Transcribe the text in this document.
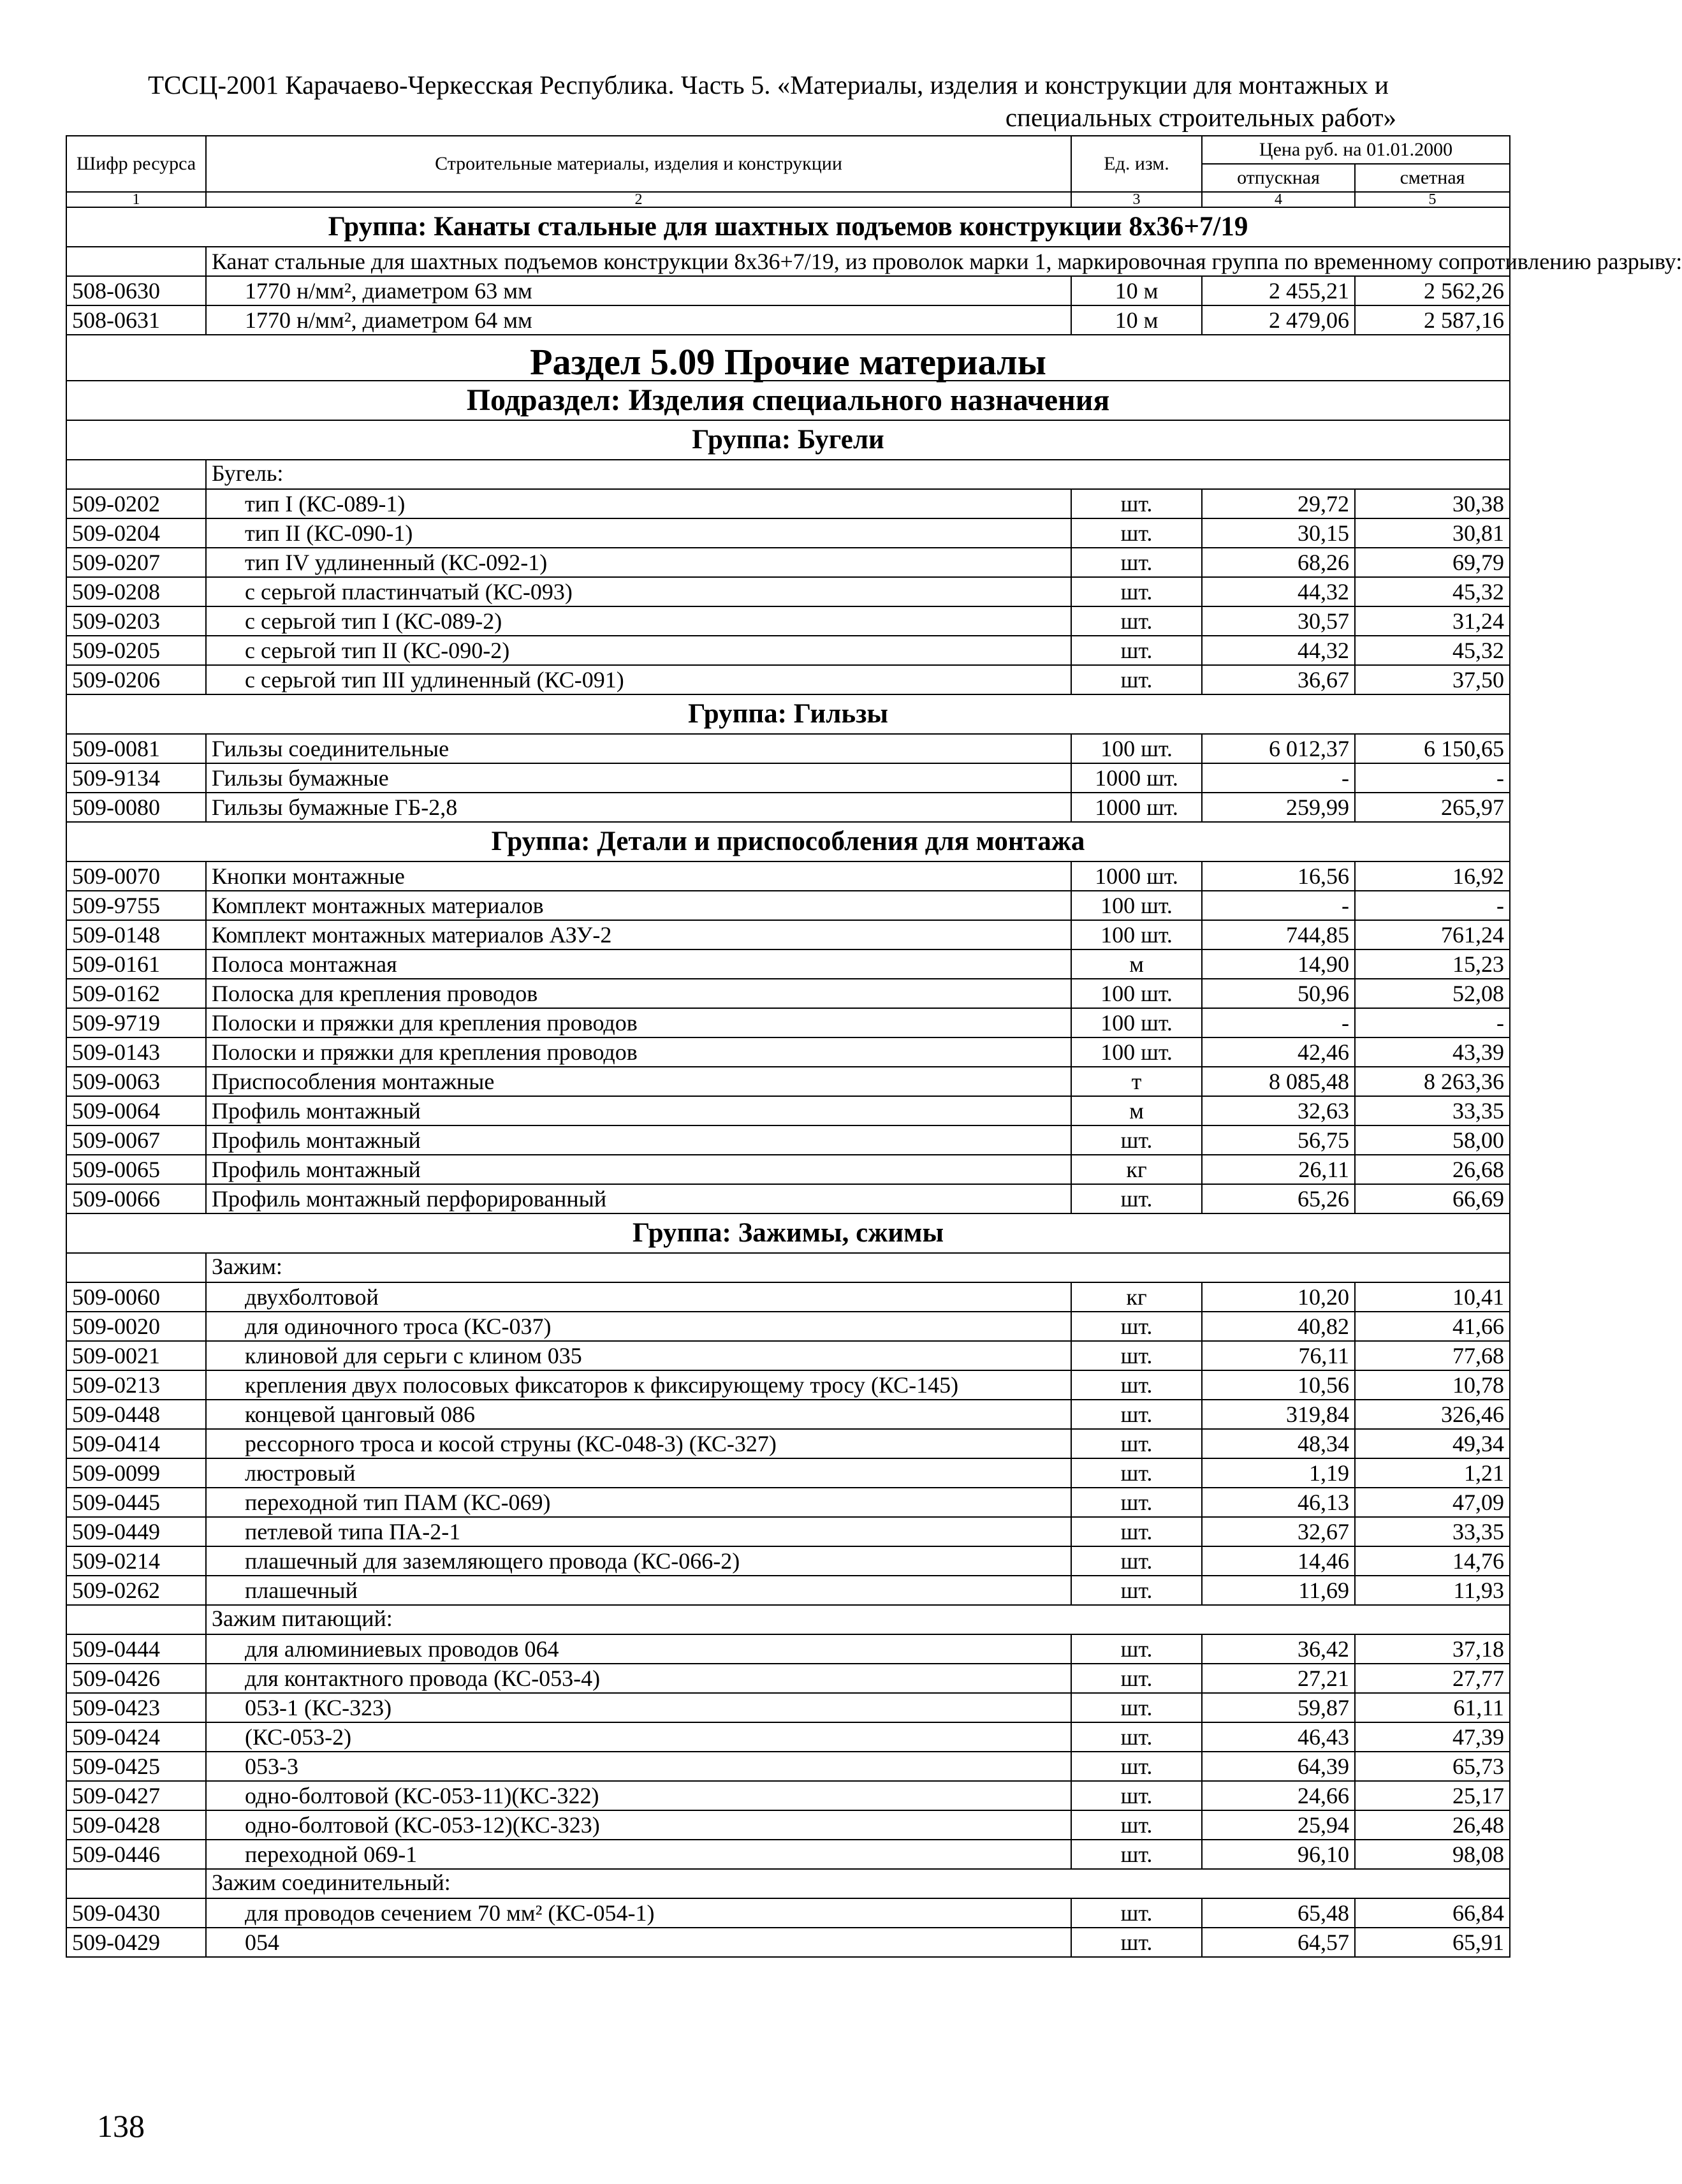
ТССЦ-2001 Карачаево-Черкесская Республика. Часть 5. «Материалы, изделия и конструкции для монтажных и
специальных строительных работ»
Шифр ресурса	Строительные материалы, изделия и конструкции	Ед. изм.	Цена руб. на 01.01.2000	
			отпускная	сметная
1	2	3	4	5
Группа: Канаты стальные для шахтных подъемов конструкции 8х36+7/19				
	Канат стальные для шахтных подъемов конструкции 8х36+7/19, из проволок марки 1, маркировочная группа по временному сопротивлению разрыву:			
508-0630	1770 н/мм², диаметром 63 мм	10 м	2 455,21	2 562,26
508-0631	1770 н/мм², диаметром 64 мм	10 м	2 479,06	2 587,16
Раздел 5.09 Прочие материалы				
Подраздел: Изделия специального назначения				
Группа: Бугели				
	Бугель:			
509-0202	тип I (КС-089-1)	шт.	29,72	30,38
509-0204	тип II (КС-090-1)	шт.	30,15	30,81
509-0207	тип IV удлиненный (КС-092-1)	шт.	68,26	69,79
509-0208	с серьгой пластинчатый (КС-093)	шт.	44,32	45,32
509-0203	с серьгой тип I (КС-089-2)	шт.	30,57	31,24
509-0205	с серьгой тип II (КС-090-2)	шт.	44,32	45,32
509-0206	с серьгой тип III удлиненный (КС-091)	шт.	36,67	37,50
Группа: Гильзы				
509-0081	Гильзы соединительные	100 шт.	6 012,37	6 150,65
509-9134	Гильзы бумажные	1000 шт.	-	-
509-0080	Гильзы бумажные ГБ-2,8	1000 шт.	259,99	265,97
Группа: Детали и приспособления для монтажа				
509-0070	Кнопки монтажные	1000 шт.	16,56	16,92
509-9755	Комплект монтажных материалов	100 шт.	-	-
509-0148	Комплект монтажных материалов АЗУ-2	100 шт.	744,85	761,24
509-0161	Полоса монтажная	м	14,90	15,23
509-0162	Полоска для крепления проводов	100 шт.	50,96	52,08
509-9719	Полоски и пряжки для крепления проводов	100 шт.	-	-
509-0143	Полоски и пряжки для крепления проводов	100 шт.	42,46	43,39
509-0063	Приспособления монтажные	т	8 085,48	8 263,36
509-0064	Профиль монтажный	м	32,63	33,35
509-0067	Профиль монтажный	шт.	56,75	58,00
509-0065	Профиль монтажный	кг	26,11	26,68
509-0066	Профиль монтажный перфорированный	шт.	65,26	66,69
Группа: Зажимы, сжимы				
	Зажим:			
509-0060	двухболтовой	кг	10,20	10,41
509-0020	для одиночного троса (КС-037)	шт.	40,82	41,66
509-0021	клиновой для серьги с клином 035	шт.	76,11	77,68
509-0213	крепления двух полосовых фиксаторов к фиксирующему тросу (КС-145)	шт.	10,56	10,78
509-0448	концевой цанговый 086	шт.	319,84	326,46
509-0414	рессорного троса и косой струны (КС-048-3) (КС-327)	шт.	48,34	49,34
509-0099	люстровый	шт.	1,19	1,21
509-0445	переходной тип ПАМ (КС-069)	шт.	46,13	47,09
509-0449	петлевой типа ПА-2-1	шт.	32,67	33,35
509-0214	плашечный для заземляющего провода (КС-066-2)	шт.	14,46	14,76
509-0262	плашечный	шт.	11,69	11,93
	Зажим питающий:			
509-0444	для алюминиевых проводов 064	шт.	36,42	37,18
509-0426	для контактного провода (КС-053-4)	шт.	27,21	27,77
509-0423	053-1 (КС-323)	шт.	59,87	61,11
509-0424	(КС-053-2)	шт.	46,43	47,39
509-0425	053-3	шт.	64,39	65,73
509-0427	одно-болтовой (КС-053-11)(КС-322)	шт.	24,66	25,17
509-0428	одно-болтовой (КС-053-12)(КС-323)	шт.	25,94	26,48
509-0446	переходной 069-1	шт.	96,10	98,08
	Зажим соединительный:			
509-0430	для проводов сечением 70 мм² (КС-054-1)	шт.	65,48	66,84
509-0429	054	шт.	64,57	65,91
138
